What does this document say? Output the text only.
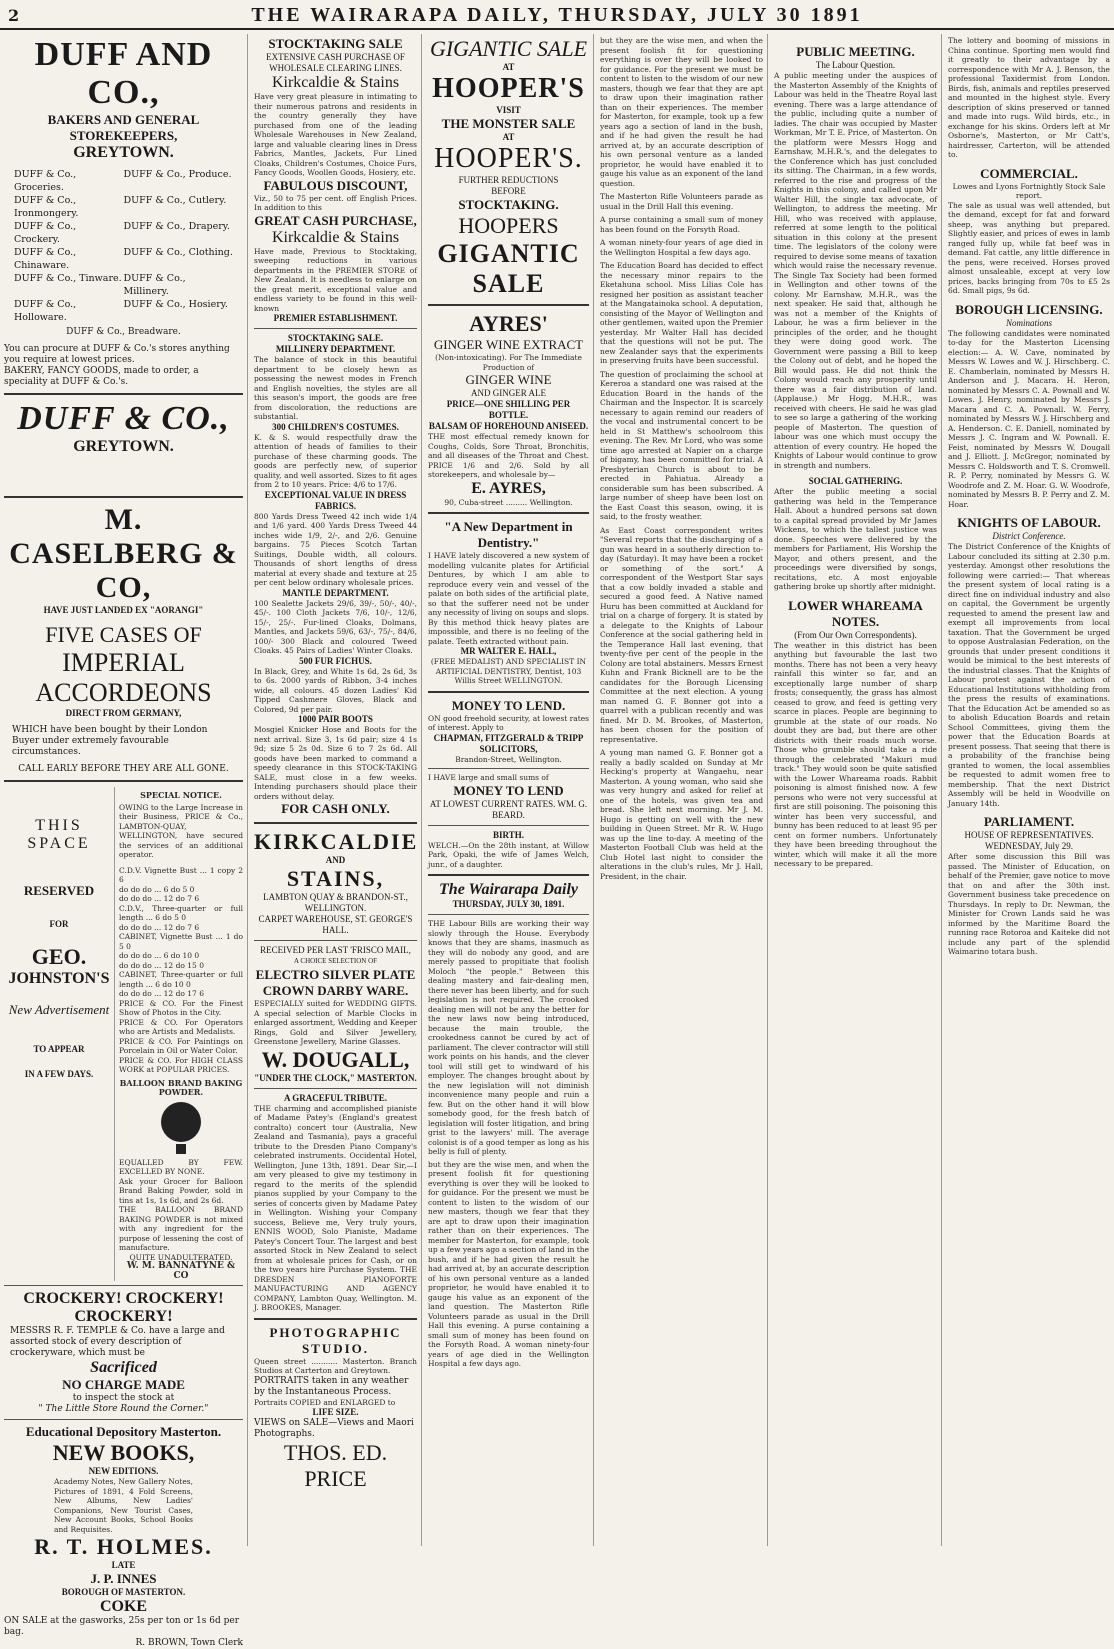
2	THE WAIRARAPA DAILY, THURSDAY, JULY 30 1891
DUFF AND CO.,
BAKERS AND GENERAL STOREKEEPERS,
GREYTOWN.
DUFF & Co., Groceries.
DUFF & Co., Produce.
DUFF & Co., Ironmongery.
DUFF & Co., Cutlery.
DUFF & Co., Crockery.
DUFF & Co., Drapery.
DUFF & Co., Chinaware.
DUFF & Co., Clothing.
DUFF & Co., Tinware. DUFF & Co., Millinery.
DUFF & Co., Holloware.
DUFF & Co., Hosiery.
DUFF & Co., Breadware.
You can procure at DUFF & Co.'s stores anything you require at lowest prices.
BAKERY, FANCY GOODS, made to order, a speciality at DUFF & Co.'s.
DUFF & CO.,
GREYTOWN.
M. CASELBERG & CO,
HAVE JUST LANDED EX "AORANGI"
FIVE CASES OF
IMPERIAL ACCORDEONS
DIRECT FROM GERMANY,
WHICH have been bought by their London Buyer under extremely favourable circumstances.
CALL EARLY BEFORE THEY ARE ALL GONE.
THIS SPACE
RESERVED
FOR
GEO.
JOHNSTON'S
New Advertisement
TO APPEAR
IN A FEW DAYS.
SPECIAL NOTICE.
OWING to the Large Increase in their Business, PRICE & Co., LAMBTON-QUAY, WELLINGTON, have secured the services of an additional operator.
C.D.V. Vignette Bust ... 1 copy 2 6
do do do ... 6 do 5 0
do do do ... 12 do 7 6
C.D.V., Three-quarter or full length ... 6 do 5 0
do do do ... 12 do 7 6
CABINET, Vignette Bust ... 1 do 5 0
do do do ... 6 do 10 0
do do do ... 12 do 15 0
CABINET, Three-quarter or full length ... 6 do 10 0
do do do ... 12 do 17 6
PRICE & CO. For the Finest Show of Photos in the City.
PRICE & CO. For Operators who are Artists and Medalists.
PRICE & CO. For Paintings on Porcelain in Oil or Water Color.
PRICE & CO. For HIGH CLASS WORK at POPULAR PRICES.
BALLOON BRAND BAKING POWDER.
EQUALLED BY FEW. EXCELLED BY NONE.
Ask your Grocer for Balloon Brand Baking Powder, sold in tins at 1s, 1s 6d, and 2s 6d.
THE BALLOON BRAND BAKING POWDER is not mixed with any ingredient for the purpose of lessening the cost of manufacture.
QUITE UNADULTERATED.
W. M. BANNATYNE & CO
CROCKERY! CROCKERY! CROCKERY!
MESSRS R. F. TEMPLE & Co. have a large and assorted stock of every description of crockeryware, which must be
Sacrificed
NO CHARGE MADE
to inspect the stock at
" The Little Store Round the Corner."
Educational Depository Masterton.
NEW BOOKS,
NEW EDITIONS.
Academy Notes, New Gallery Notes, Pictures of 1891, 4 Fold Screens, New Albums, New Ladies' Companions, New Tourist Cases, New Account Books, School Books and Requisites.
R. T. HOLMES.
LATE
J. P. INNES
BOROUGH OF MASTERTON.
COKE
ON SALE at the gasworks, 25s per ton or 1s 6d per bag.
R. BROWN, Town Clerk
STOCKTAKING SALE
EXTENSIVE CASH PURCHASE OF WHOLESALE CLEARING LINES.
Kirkcaldie & Stains
Have very great pleasure in intimating to their numerous patrons and residents in the country generally they have purchased from one of the leading Wholesale Warehouses in New Zealand, large and valuable clearing lines in Dress Fabrics, Mantles, Jackets, Fur Lined Cloaks, Children's Costumes, Choice Furs, Fancy Goods, Woollen Goods, Hosiery, etc.
FABULOUS DISCOUNT,
Viz., 50 to 75 per cent. off English Prices. In addition to this
GREAT CASH PURCHASE,
Kirkcaldie & Stains
Have made, Previous to Stocktaking, sweeping reductions in various departments in the PREMIER STORE of New Zealand. It is needless to enlarge on the great merit, exceptional value and endless variety to be found in this well-known
PREMIER ESTABLISHMENT.
STOCKTAKING SALE.
MILLINERY DEPARTMENT.
The balance of stock in this beautiful department to be closely hewn as possessing the newest modes in French and English novelties, the styles are all this season's import, the goods are free from discoloration, the reductions are substantial.
300 CHILDREN'S COSTUMES.
K. & S. would respectfully draw the attention of heads of families to their purchase of these charming goods. The goods are perfectly new, of superior quality, and well assorted. Sizes to fit ages from 2 to 10 years. Price: 4/6 to 17/6.
EXCEPTIONAL VALUE IN DRESS FABRICS.
800 Yards Dress Tweed 42 inch wide 1/4 and 1/6 yard. 400 Yards Dress Tweed 44 inches wide 1/9, 2/-, and 2/6. Genuine bargains. 75 Pieces Scotch Tartan Suitings, Double width, all colours. Thousands of short lengths of dress material at every shade and texture at 25 per cent below ordinary wholesale prices.
MANTLE DEPARTMENT.
100 Sealette Jackets 29/6, 39/-, 50/-, 40/-, 45/-. 100 Cloth Jackets 7/6, 10/-, 12/6, 15/-, 25/-. Fur-lined Cloaks, Dolmans, Mantles, and Jackets 59/6, 63/-, 75/-, 84/6, 100/- 300 Black and coloured Tweed Cloaks. 45 Pairs of Ladies' Winter Cloaks.
500 FUR FICHUS.
In Black, Grey, and White 1s 6d, 2s 6d, 3s to 6s. 2000 yards of Ribbon, 3-4 inches wide, all colours. 45 dozen Ladies' Kid Tipped Cashmere Gloves, Black and Colored, 9d per pair.
1000 PAIR BOOTS
Mosgiel Knicker Hose and Boots for the next arrival. Size 3, 1s 6d pair; size 4 1s 9d; size 5 2s 0d. Size 6 to 7 2s 6d. All goods have been marked to command a speedy clearance in this STOCK-TAKING SALE, must close in a few weeks. Intending purchasers should place their orders without delay.
FOR CASH ONLY.
KIRKCALDIE
AND
STAINS,
LAMBTON QUAY & BRANDON-ST., WELLINGTON.
CARPET WAREHOUSE, ST. GEORGE'S HALL.
RECEIVED PER LAST 'FRISCO MAIL,
A CHOICE SELECTION OF
ELECTRO SILVER PLATE
CROWN DARBY WARE.
ESPECIALLY suited for WEDDING GIFTS. A special selection of Marble Clocks in enlarged assortment, Wedding and Keeper Rings, Gold and Silver Jewellery, Greenstone Jewellery, Marine Glasses.
W. DOUGALL,
"UNDER THE CLOCK," MASTERTON.
A GRACEFUL TRIBUTE.
THE charming and accomplished pianiste of Madame Patey's (England's greatest contralto) concert tour (Australia, New Zealand and Tasmania), pays a graceful tribute to the Dresden Piano Company's celebrated instruments. Occidental Hotel, Wellington, June 13th, 1891. Dear Sir,—I am very pleased to give my testimony in regard to the merits of the splendid pianos supplied by your Company to the series of concerts given by Madame Patey in Wellington. Wishing your Company success, Believe me, Very truly yours, ENNIS WOOD, Solo Pianiste, Madame Patey's Concert Tour. The largest and best assorted Stock in New Zealand to select from at wholesale prices for Cash, or on the two years hire Purchase System. THE DRESDEN PIANOFORTE MANUFACTURING AND AGENCY COMPANY, Lambton Quay, Wellington. M. J. BROOKES, Manager.
PHOTOGRAPHIC STUDIO.
Queen street ........... Masterton. Branch Studios at Carterton and Greytown.
PORTRAITS taken in any weather by the Instantaneous Process.
Portraits COPIED and ENLARGED to
LIFE SIZE.
VIEWS on SALE—Views and Maori Photographs.
THOS. ED. PRICE
GIGANTIC SALE
AT
HOOPER'S
VISIT
THE MONSTER SALE
AT
HOOPER'S.
FURTHER REDUCTIONS
BEFORE
STOCKTAKING.
HOOPERS
GIGANTIC SALE
AYRES'
GINGER WINE EXTRACT
(Non-intoxicating). For The Immediate Production of
GINGER WINE
AND GINGER ALE
PRICE—ONE SHILLING PER BOTTLE.
BALSAM OF HOREHOUND ANISEED.
THE most effectual remedy known for Coughs, Colds, Sore Throat, Bronchitis, and all diseases of the Throat and Chest. PRICE 1/6 and 2/6. Sold by all storekeepers, and wholesale by—
E. AYRES,
90, Cuba-street ......... Wellington.
"A New Department in Dentistry."
I HAVE lately discovered a new system of modelling vulcanite plates for Artificial Dentures, by which I am able to reproduce every vein and vessel of the palate on both sides of the artificial plate, so that the sufferer need not be under any necessity of living on soups and slops. By this method thick heavy plates are impossible, and there is no feeling of the palate. Teeth extracted without pain.
MR WALTER E. HALL,
(FREE MEDALIST) AND SPECIALIST IN ARTIFICIAL DENTISTRY, Dentist, 103 Willis Street WELLINGTON.
MONEY TO LEND.
ON good freehold security, at lowest rates of interest. Apply to
CHAPMAN, FITZGERALD & TRIPP SOLICITORS,
Brandon-Street, Wellington.
I HAVE large and small sums of
MONEY TO LEND
AT LOWEST CURRENT RATES. WM. G. BEARD.
BIRTH.
WELCH.—On the 28th instant, at Willow Park, Opaki, the wife of James Welch, junr., of a daughter.
The Wairarapa Daily
THURSDAY, JULY 30, 1891.
THE Labour Bills are working their way slowly through the House. Everybody knows that they are shams, inasmuch as they will do nobody any good, and are merely passed to propitiate that foolish Moloch "the people." Between this dealing mastery and fair-dealing men, there never has been liberty, and for such legislation is not required. The crooked dealing men will not be any the better for the new laws now being introduced, because the main trouble, the crookedness cannot be cured by act of parliament. The clever contractor will still work points on his hands, and the clever tool will still get to windward of his employer. The changes brought about by the new legislation will not diminish inconvenience many people and ruin a few. But on the other hand it will blow somebody good, for the fresh batch of legislation will foster litigation, and bring grist to the lawyers' mill. The average colonist is of a good temper as long as his belly is full of plenty.
but they are the wise men, and when the present foolish fit for questioning everything is over they will be looked to for guidance. For the present we must be content to listen to the wisdom of our new masters, though we fear that they are apt to draw upon their imagination rather than on their experiences. The member for Masterton, for example, took up a few years ago a section of land in the bush, and if he had given the result he had arrived at, by an accurate description of his own personal venture as a landed proprietor, he would have enabled it to gauge his value as an exponent of the land question. The Masterton Rifle Volunteers parade as usual in the Drill Hall this evening. A purse containing a small sum of money has been found on the Forsyth Road. A woman ninety-four years of age died in the Wellington Hospital a few days ago.
but they are the wise men, and when the present foolish fit for questioning everything is over they will be looked to for guidance. For the present we must be content to listen to the wisdom of our new masters, though we fear that they are apt to draw upon their imagination rather than on their experiences. The member for Masterton, for example, took up a few years ago a section of land in the bush, and if he had given the result he had arrived at, by an accurate description of his own personal venture as a landed proprietor, he would have enabled it to gauge his value as an exponent of the land question.
The Masterton Rifle Volunteers parade as usual in the Drill Hall this evening.
A purse containing a small sum of money has been found on the Forsyth Road.
A woman ninety-four years of age died in the Wellington Hospital a few days ago.
The Education Board has decided to effect the necessary minor repairs to the Eketahuna school. Miss Lilias Cole has resigned her position as assistant teacher at the Mangatainoka school. A deputation, consisting of the Mayor of Wellington and other gentlemen, waited upon the Premier yesterday. Mr Walter Hall has decided that the questions will not be put. The new Zealander says that the experiments in preserving fruits have been successful.
The question of proclaiming the school at Kereroa a standard one was raised at the Education Board in the hands of the Chairman and the Inspector. It is scarcely necessary to again remind our readers of the vocal and instrumental concert to be held in St Matthew's schoolroom this evening. The Rev. Mr Lord, who was some time ago arrested at Napier on a charge of bigamy, has been committed for trial. A Presbyterian Church is about to be erected in Pahiatua. Already a considerable sum has been subscribed. A large number of sheep have been lost on the East Coast this season, owing, it is said, to the frosty weather.
As East Coast correspondent writes "Several reports that the discharging of a gun was heard in a southerly direction to-day (Saturday). It may have been a rocket or something of the sort." A correspondent of the Westport Star says that a cow boldly invaded a stable and secured a good feed. A Native named Huru has been committed at Auckland for trial on a charge of forgery. It is stated by a delegate to the Knights of Labour Conference at the social gathering held in the Temperance Hall last evening, that twenty-five per cent of the people in the Colony are total abstainers. Messrs Ernest Kuhn and Frank Bicknell are to be the candidates for the Borough Licensing Committee at the next election. A young man named G. F. Bonner got into a quarrel with a publican recently and was fined. Mr D. M. Brookes, of Masterton, has been chosen for the position of representative.
A young man named G. F. Bonner got a really a badly scalded on Sunday at Mr Hecking's property at Wangaehu, near Masterton. A young woman, who said she was very hungry and asked for relief at one of the hotels, was given tea and bread. She left next morning. Mr J. M. Hugo is getting on well with the new building in Queen Street. Mr R. W. Hugo was up the line to-day. A meeting of the Masterton Football Club was held at the Club Hotel last night to consider the alterations in the club's rules, Mr J. Hall, President, in the chair.
PUBLIC MEETING.
The Labour Question.
A public meeting under the auspices of the Masterton Assembly of the Knights of Labour was held in the Theatre Royal last evening. There was a large attendance of the public, including quite a number of ladies. The chair was occupied by Master Workman, Mr T. E. Price, of Masterton. On the platform were Messrs Hogg and Earnshaw, M.H.R.'s, and the delegates to the Conference which has just concluded its sitting. The Chairman, in a few words, referred to the rise and progress of the Knights in this colony, and called upon Mr Walter Hill, the single tax advocate, of Wellington, to address the meeting. Mr Hill, who was received with applause, referred at some length to the political situation in this colony at the present time. The legislators of the colony were required to devise some means of taxation which would raise the necessary revenue. The Single Tax Society had been formed in Wellington and other towns of the colony. Mr Earnshaw, M.H.R., was the next speaker. He said that, although he was not a member of the Knights of Labour, he was a firm believer in the principles of the order, and he thought they were doing good work. The Government were passing a Bill to keep the Colony out of debt, and he hoped the Bill would pass. He did not think the Colony would reach any prosperity until there was a fair distribution of land. (Applause.) Mr Hogg, M.H.R., was received with cheers. He said he was glad to see so large a gathering of the working people of Masterton. The question of labour was one which must occupy the attention of every country. He hoped the Knights of Labour would continue to grow in strength and numbers.
SOCIAL GATHERING.
After the public meeting a social gathering was held in the Temperance Hall. About a hundred persons sat down to a capital spread provided by Mr James Wickens, to which the tallest justice was done. Speeches were delivered by the members for Parliament, His Worship the Mayor, and others present, and the proceedings were diversified by songs, recitations, etc. A most enjoyable gathering broke up shortly after midnight.
LOWER WHAREAMA NOTES.
(From Our Own Correspondents).
The weather in this district has been anything but favourable the last two months. There has not been a very heavy rainfall this winter so far, and an exceptionally large number of sharp frosts; consequently, the grass has almost ceased to grow, and feed is getting very scarce in places. People are beginning to grumble at the state of our roads. No doubt they are bad, but there are other districts with their roads much worse. Those who grumble should take a ride through the celebrated "Makuri mud track." They would soon be quite satisfied with the Lower Whareama roads. Rabbit poisoning is almost finished now. A few persons who were not very successful at first are still poisoning. The poisoning this winter has been very successful, and bunny has been reduced to at least 95 per cent on former numbers. Unfortunately they have been breeding throughout the winter, which will make it all the more necessary to be prepared.
The lottery and booming of missions in China continue. Sporting men would find it greatly to their advantage by a correspondence with Mr A. J. Benson, the professional Taxidermist from London. Birds, fish, animals and reptiles preserved and mounted in the highest style. Every description of skins preserved or tanned and made into rugs. Wild birds, etc., in exchange for his skins. Orders left at Mr Osborne's, Masterton, or Mr Catt's, hairdresser, Carterton, will be attended to.
COMMERCIAL.
Lowes and Lyons Fortnightly Stock Sale report.
The sale as usual was well attended, but the demand, except for fat and forward sheep, was anything but prepared. Slightly easier, and prices of ewes in lamb ranged fully up, while fat beef was in demand. Fat cattle, any little difference in the pens, were received. Horses proved almost unsaleable, except at very low prices, backs bringing from 70s to £5 2s 6d. Small pigs, 9s 6d.
BOROUGH LICENSING.
Nominations
The following candidates were nominated to-day for the Masterton Licensing election:— A. W. Cave, nominated by Messrs W. Lowes and W. J. Hirschberg. C. E. Chamberlain, nominated by Messrs H. Anderson and J. Macara. H. Heron, nominated by Messrs C. A. Pownall and W. Lowes. J. Henry, nominated by Messrs J. Macara and C. A. Pownall. W. Ferry, nominated by Messrs W. J. Hirschberg and A. Henderson. C. E. Daniell, nominated by Messrs J. C. Ingram and W. Pownall. E. Feist, nominated by Messrs W. Dougall and J. Elliott. J. McGregor, nominated by Messrs C. Holdsworth and T. S. Cromwell. R. P. Perry, nominated by Messrs G. W. Woodrofe and Z. M. Hoar. G. W. Woodrofe, nominated by Messrs B. P. Perry and Z. M. Hoar.
KNIGHTS OF LABOUR.
District Conference.
The District Conference of the Knights of Labour concluded its sitting at 2.30 p.m. yesterday. Amongst other resolutions the following were carried:— That whereas the present system of local rating is a direct fine on individual industry and also on capital, the Government be urgently requested to amend the present law and exempt all improvements from local taxation. That the Government be urged to oppose Australasian Federation, on the grounds that under present conditions it would be inimical to the best interests of the industrial classes. That the Knights of Labour protest against the action of Educational Institutions withholding from the press the results of examinations. That the Education Act be amended so as to abolish Education Boards and retain School Committees, giving them the power that the Education Boards at present possess. That seeing that there is a probability of the franchise being granted to women, the local assemblies be requested to admit women free to membership. That the next District Assembly will be held in Woodville on January 14th.
PARLIAMENT.
HOUSE OF REPRESENTATIVES.
WEDNESDAY, July 29.
After some discussion this Bill was passed. The Minister of Education, on behalf of the Premier, gave notice to move that on and after the 30th inst. Government business take precedence on Thursdays. In reply to Dr. Newman, the Minister for Crown Lands said he was informed by the Maritime Board the running race Rotoroa and Kaiteke did not include any part of the splendid Waimarino totara bush.
